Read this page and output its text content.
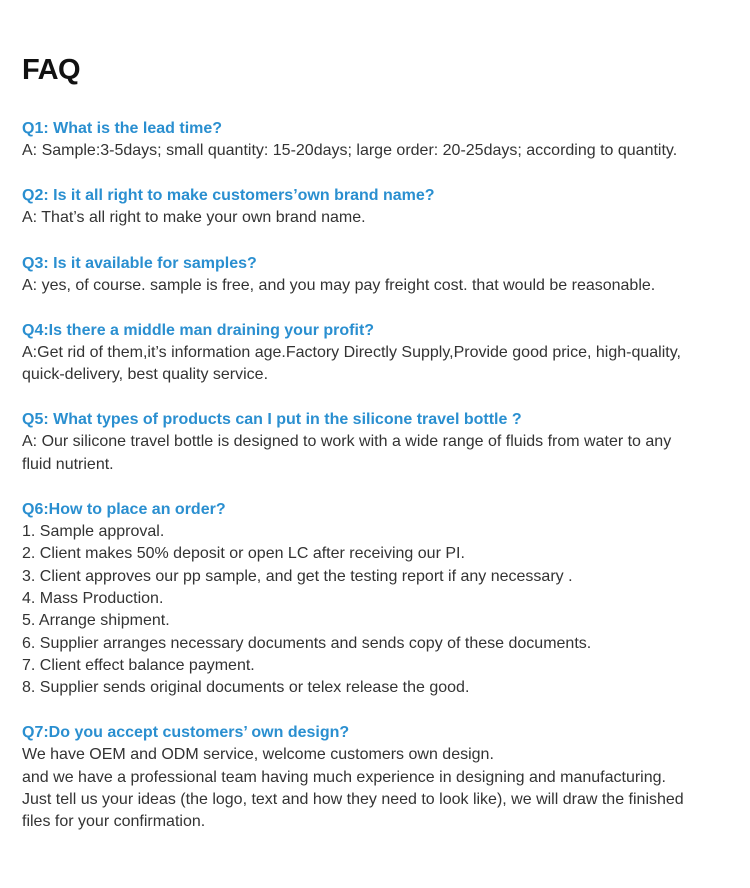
FAQ

Q1: What is the lead time?

A: Sample:3-5days; small quantity: 15-20days; large order: 20-25days; according to quantity.

Q2: Is it all right to make customers’own brand name?

A: That’s all right to make your own brand name.

Q3: Is it available for samples?

A: yes, of course. sample is free, and you may pay freight cost. that would be reasonable.

Q4:Is there a middle man draining your profit?

A:Get rid of them,it’s information age.Factory Directly Supply,Provide good price, high-quality,

quick-delivery, best quality service.

Q5: What types of products can I put in the silicone travel bottle ?

A: Our silicone travel bottle is designed to work with a wide range of fluids from water to any

fluid nutrient.

Q6:How to place an order?

1. Sample approval.

2. Client makes 50% deposit or open LC after receiving our PI.

3. Client approves our pp sample, and get the testing report if any necessary .

4. Mass Production.

5. Arrange shipment.

6. Supplier arranges necessary documents and sends copy of these documents.

7. Client effect balance payment.

8. Supplier sends original documents or telex release the good.

Q7:Do you accept customers’ own design?

We have OEM and ODM service, welcome customers own design.

and we have a professional team having much experience in designing and manufacturing.

Just tell us your ideas (the logo, text and how they need to look like), we will draw the finished

files for your confirmation.
